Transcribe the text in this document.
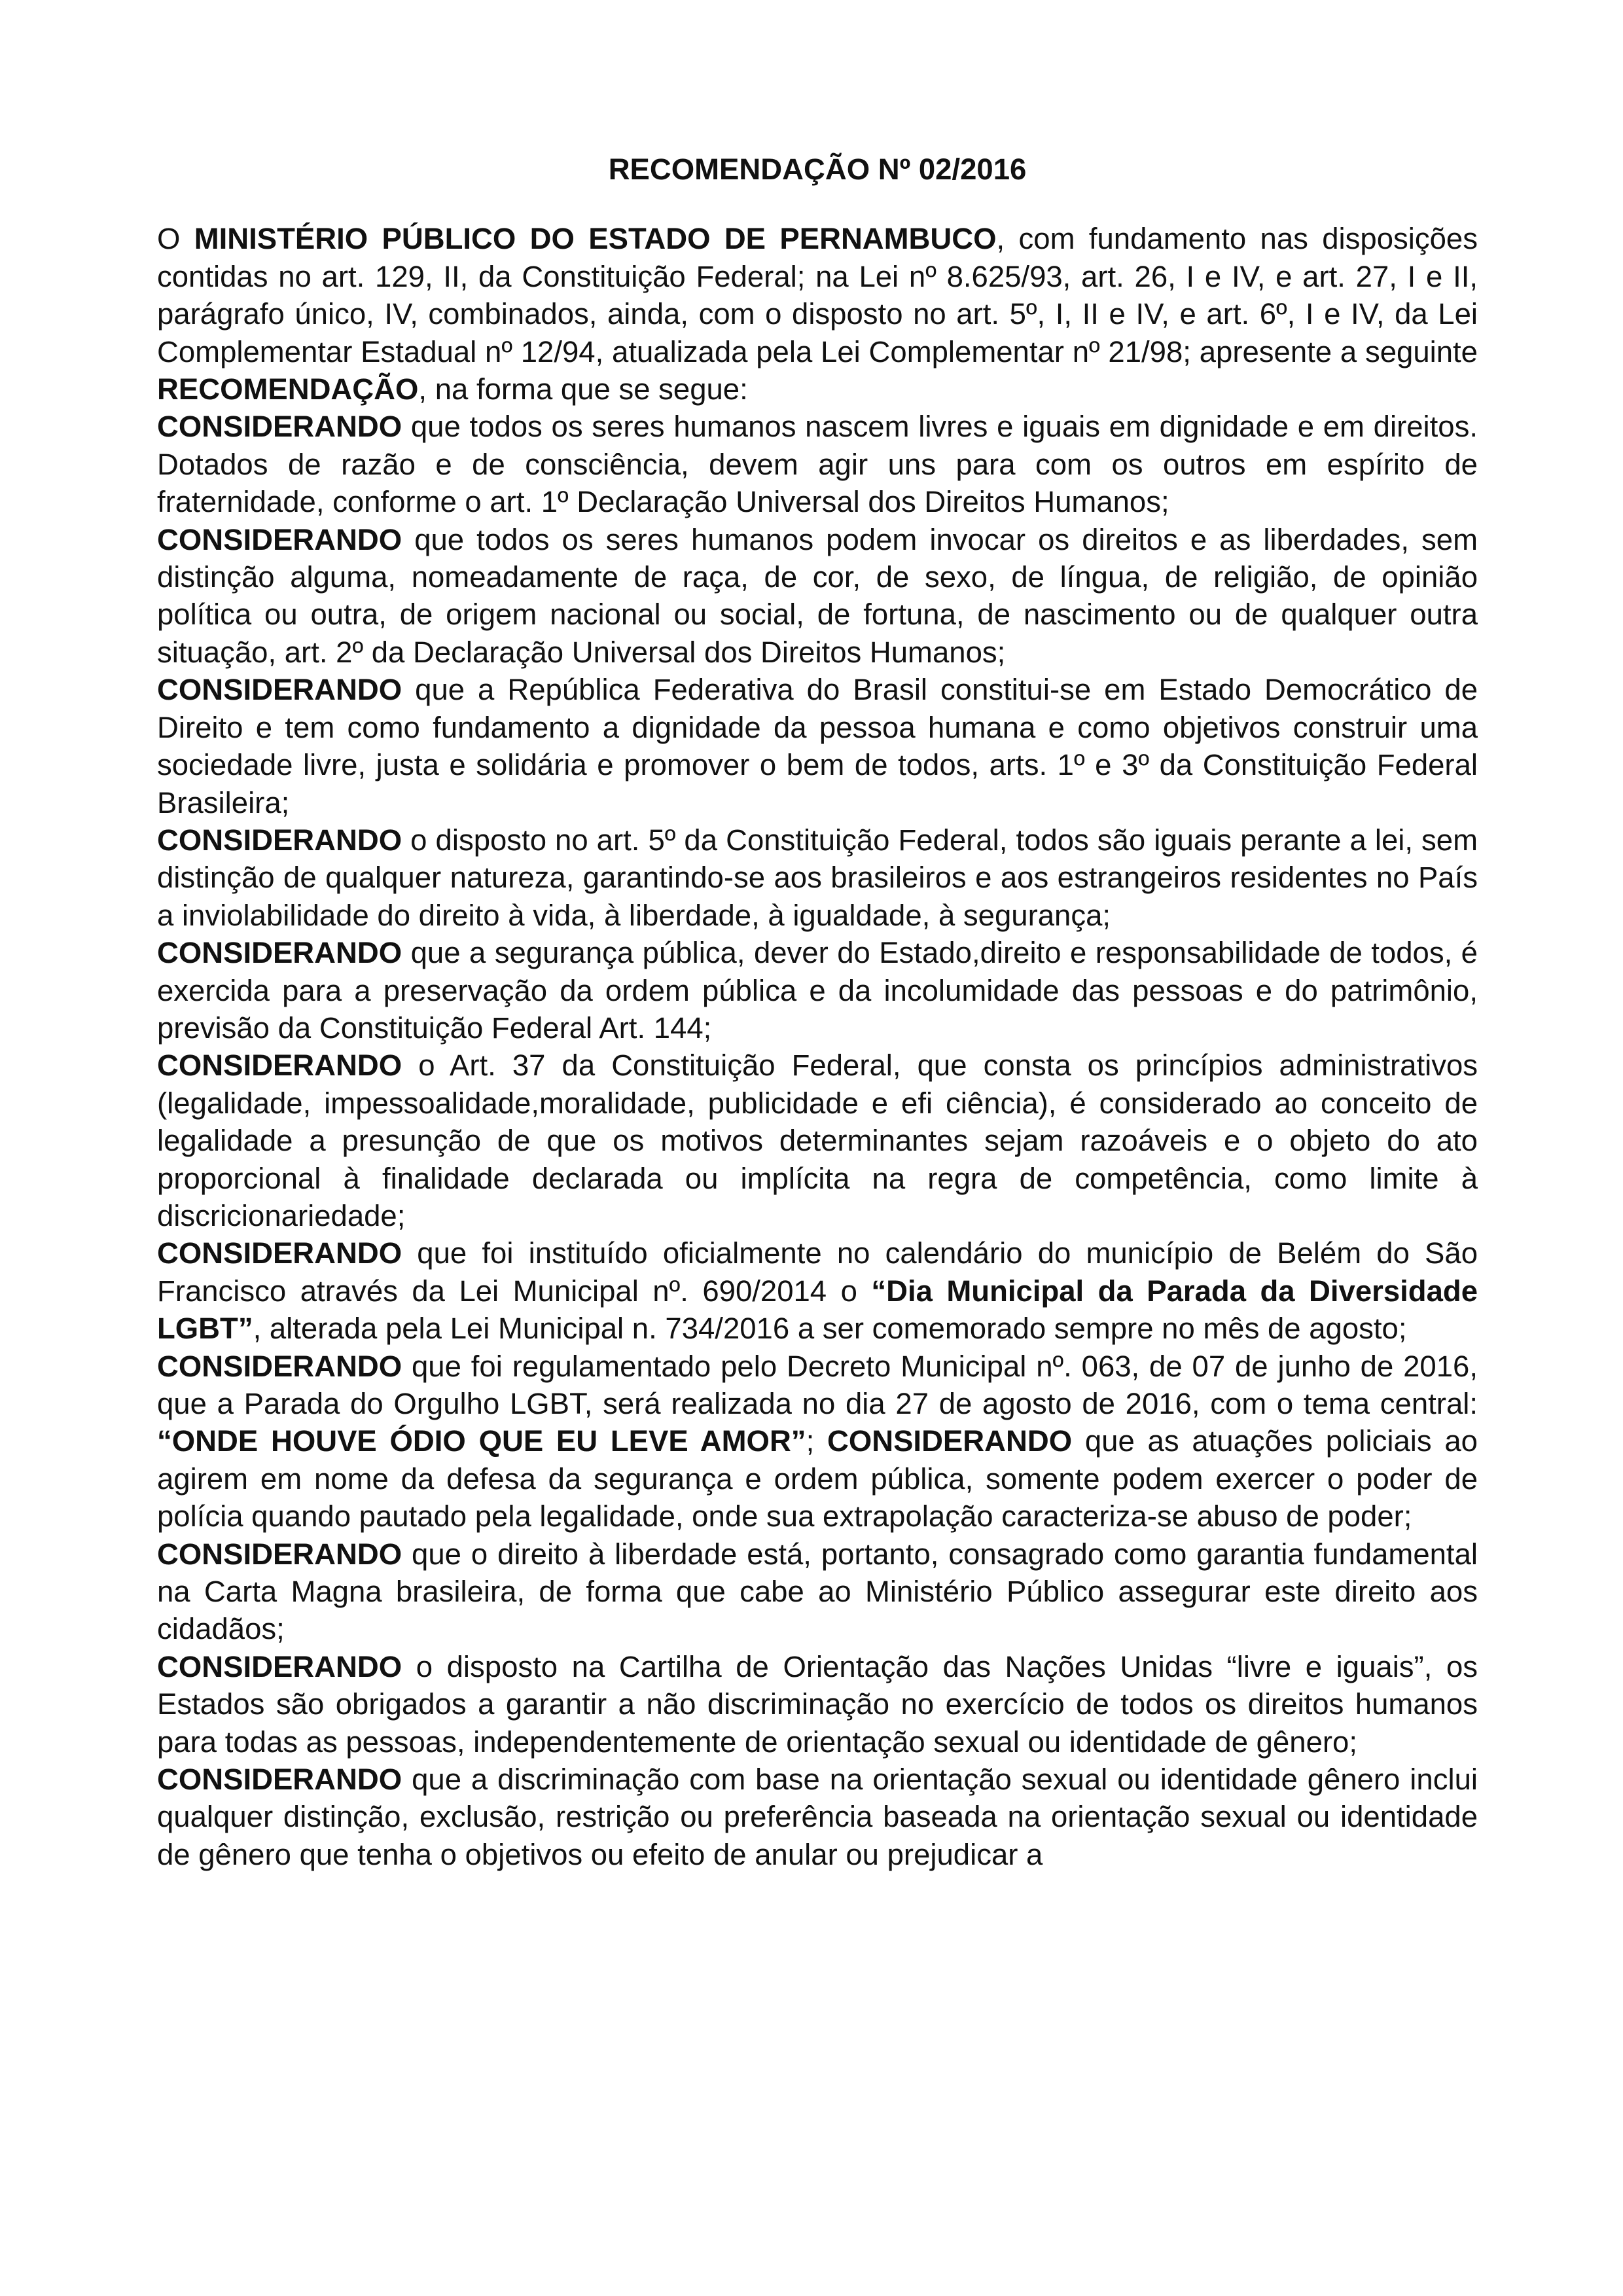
RECOMENDAÇÃO Nº 02/2016

O MINISTÉRIO PÚBLICO DO ESTADO DE PERNAMBUCO, com fundamento nas disposições contidas no art. 129, II, da Constituição Federal; na Lei nº 8.625/93, art. 26, I e IV, e art. 27, I e II, parágrafo único, IV, combinados, ainda, com o disposto no art. 5º, I, II e IV, e art. 6º, I e IV, da Lei Complementar Estadual nº 12/94, atualizada pela Lei Complementar nº 21/98; apresente a seguinte RECOMENDAÇÃO, na forma que se segue:

CONSIDERANDO que todos os seres humanos nascem livres e iguais em dignidade e em direitos. Dotados de razão e de consciência, devem agir uns para com os outros em espírito de fraternidade, conforme o art. 1º Declaração Universal dos Direitos Humanos;

CONSIDERANDO que todos os seres humanos podem invocar os direitos e as liberdades, sem distinção alguma, nomeadamente de raça, de cor, de sexo, de língua, de religião, de opinião política ou outra, de origem nacional ou social, de fortuna, de nascimento ou de qualquer outra situação, art. 2º da Declaração Universal dos Direitos Humanos;

CONSIDERANDO que a República Federativa do Brasil constitui-se em Estado Democrático de Direito e tem como fundamento a dignidade da pessoa humana e como objetivos construir uma sociedade livre, justa e solidária e promover o bem de todos, arts. 1º e 3º da Constituição Federal Brasileira;

CONSIDERANDO o disposto no art. 5º da Constituição Federal, todos são iguais perante a lei, sem distinção de qualquer natureza, garantindo-se aos brasileiros e aos estrangeiros residentes no País a inviolabilidade do direito à vida, à liberdade, à igualdade, à segurança;

CONSIDERANDO que a segurança pública, dever do Estado,direito e responsabilidade de todos, é exercida para a preservação da ordem pública e da incolumidade das pessoas e do patrimônio, previsão da Constituição Federal Art. 144;

CONSIDERANDO o Art. 37 da Constituição Federal, que consta os princípios administrativos (legalidade, impessoalidade,moralidade, publicidade e efi ciência), é considerado ao conceito de legalidade a presunção de que os motivos determinantes sejam razoáveis e o objeto do ato proporcional à finalidade declarada ou implícita na regra de competência, como limite à discricionariedade;

CONSIDERANDO que foi instituído oficialmente no calendário do município de Belém do São Francisco através da Lei Municipal nº. 690/2014 o “Dia Municipal da Parada da Diversidade LGBT”, alterada pela Lei Municipal n. 734/2016 a ser comemorado sempre no mês de agosto;

CONSIDERANDO que foi regulamentado pelo Decreto Municipal nº. 063, de 07 de junho de 2016, que a Parada do Orgulho LGBT, será realizada no dia 27 de agosto de 2016, com o tema central: “ONDE HOUVE ÓDIO QUE EU LEVE AMOR”; CONSIDERANDO que as atuações policiais ao agirem em nome da defesa da segurança e ordem pública, somente podem exercer o poder de polícia quando pautado pela legalidade, onde sua extrapolação caracteriza-se abuso de poder;

CONSIDERANDO que o direito à liberdade está, portanto, consagrado como garantia fundamental na Carta Magna brasileira, de forma que cabe ao Ministério Público assegurar este direito aos cidadãos;

CONSIDERANDO o disposto na Cartilha de Orientação das Nações Unidas “livre e iguais”, os Estados são obrigados a garantir a não discriminação no exercício de todos os direitos humanos para todas as pessoas, independentemente de orientação sexual ou identidade de gênero;

CONSIDERANDO que a discriminação com base na orientação sexual ou identidade gênero inclui qualquer distinção, exclusão, restrição ou preferência baseada na orientação sexual ou identidade de gênero que tenha o objetivos ou efeito de anular ou prejudicar a
